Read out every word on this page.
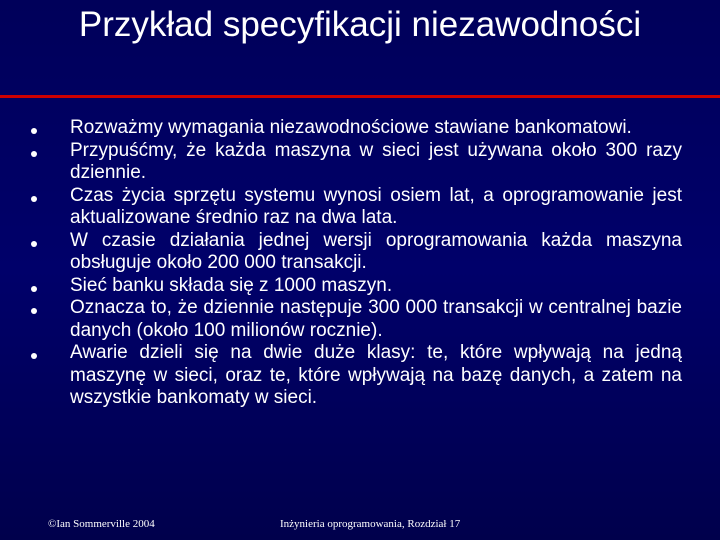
Przykład specyfikacji niezawodności
Rozważmy wymagania niezawodnościowe stawiane bankomatowi.
Przypuśćmy, że każda maszyna w sieci jest używana około 300 razy dziennie.
Czas życia sprzętu systemu wynosi osiem lat, a oprogramowanie jest aktualizowane średnio raz na dwa lata.
W czasie działania jednej wersji oprogramowania każda maszyna obsługuje około 200 000 transakcji.
Sieć banku składa się z 1000 maszyn.
Oznacza to, że dziennie następuje 300 000 transakcji w centralnej bazie danych (około 100 milionów rocznie).
Awarie dzieli się na dwie duże klasy: te, które wpływają na jedną maszynę w sieci, oraz te, które wpływają na bazę danych, a zatem na wszystkie bankomaty w sieci.
©Ian Sommerville 2004	Inżynieria oprogramowania, Rozdział 17
